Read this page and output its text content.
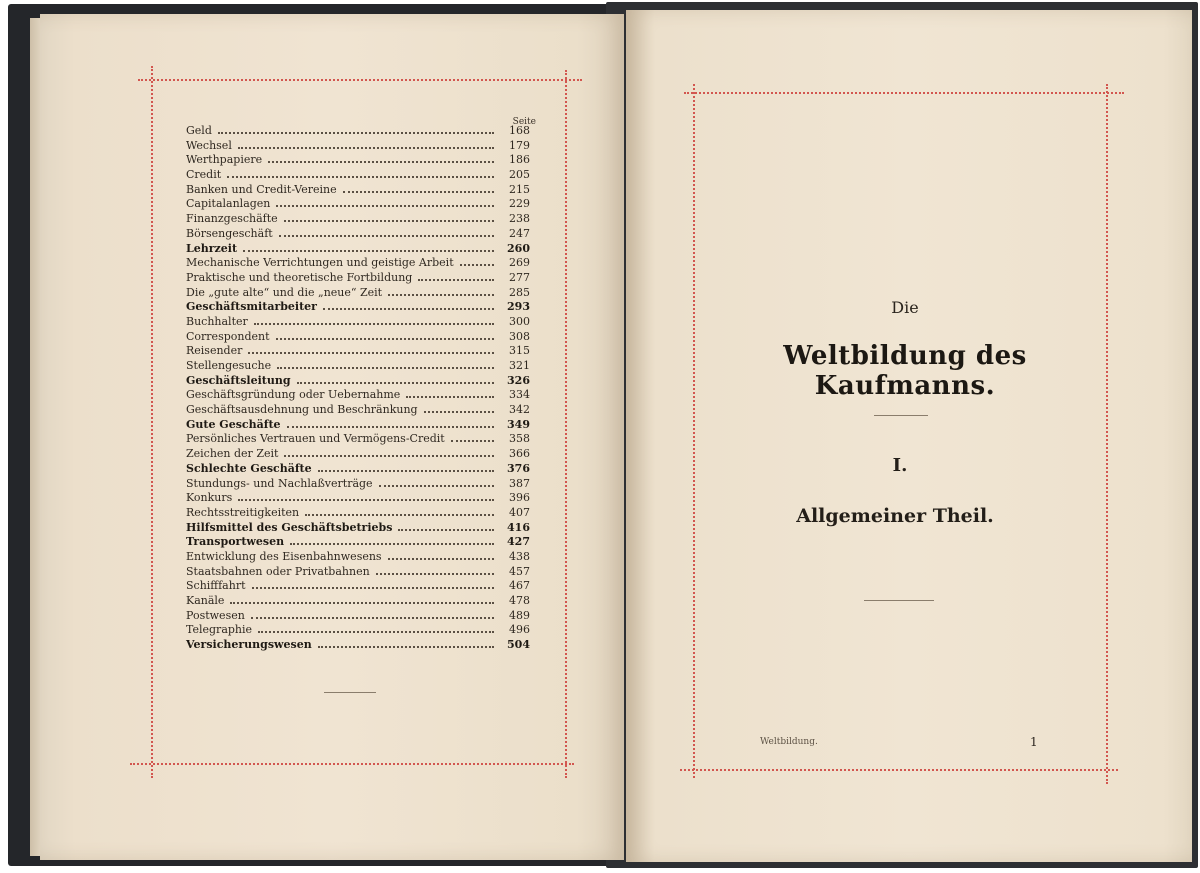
Seite
Geld	168
Wechsel	179
Werthpapiere	186
Credit	205
Banken und Credit-Vereine	215
Capitalanlagen	229
Finanzgeschäfte	238
Börsengeschäft	247
Lehrzeit	260
Mechanische Verrichtungen und geistige Arbeit	269
Praktische und theoretische Fortbildung	277
Die „gute alte“ und die „neue“ Zeit	285
Geschäftsmitarbeiter	293
Buchhalter	300
Correspondent	308
Reisender	315
Stellengesuche	321
Geschäftsleitung	326
Geschäftsgründung oder Uebernahme	334
Geschäftsausdehnung und Beschränkung	342
Gute Geschäfte	349
Persönliches Vertrauen und Vermögens-Credit	358
Zeichen der Zeit	366
Schlechte Geschäfte	376
Stundungs- und Nachlaßverträge	387
Konkurs	396
Rechtsstreitigkeiten	407
Hilfsmittel des Geschäftsbetriebs	416
Transportwesen	427
Entwicklung des Eisenbahnwesens	438
Staatsbahnen oder Privatbahnen	457
Schifffahrt	467
Kanäle	478
Postwesen	489
Telegraphie	496
Versicherungswesen	504
Die
Weltbildung des Kaufmanns.
I.
Allgemeiner Theil.
Weltbildung.	1
